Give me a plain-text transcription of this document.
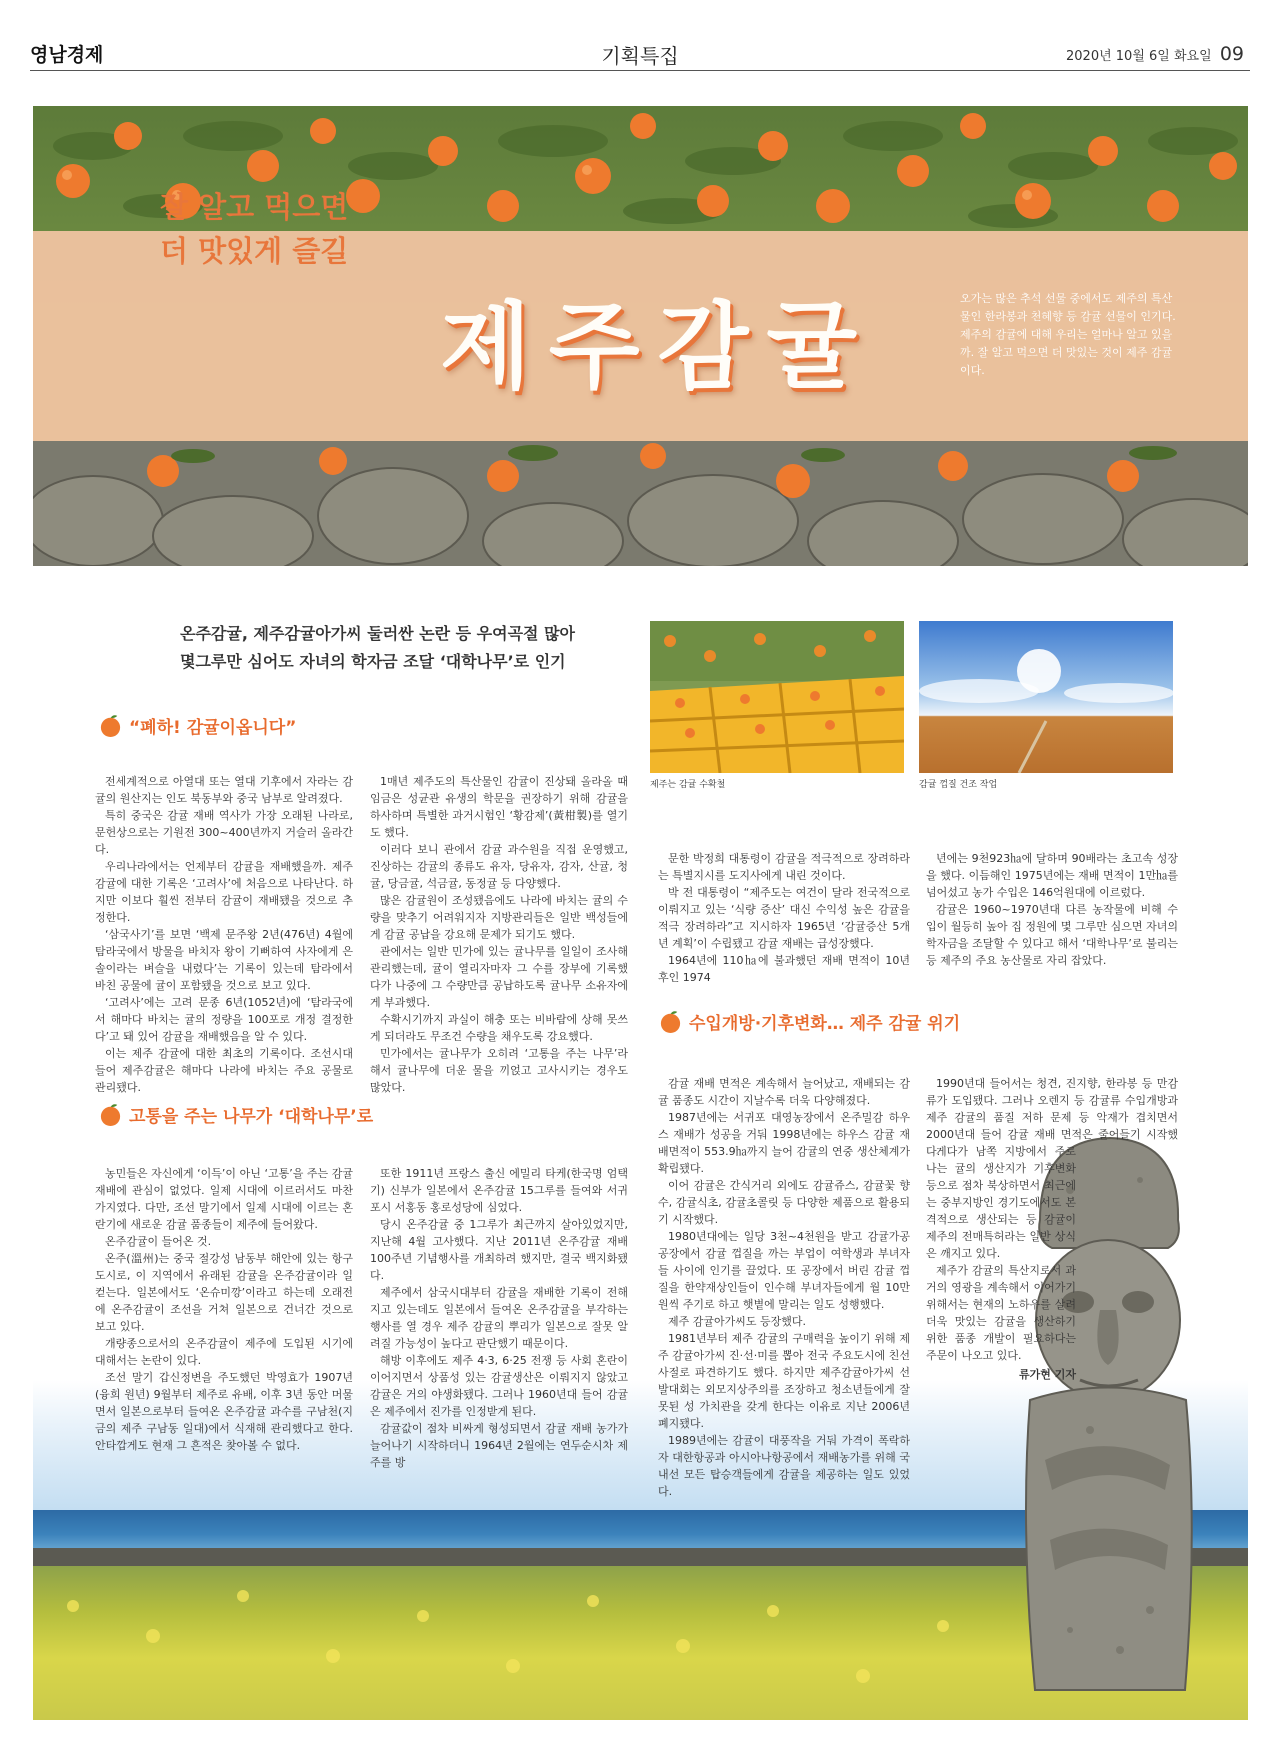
영남경제	기획특집	2020년 10월 6일 화요일 09
잘 알고 먹으면
더 맛있게 즐길
제주감귤	오가는 많은 추석 선물 중에서도 제주의 특산물인 한라봉과 천혜향 등 감귤 선물이 인기다. 제주의 감귤에 대해 우리는 얼마나 알고 있을까. 잘 알고 먹으면 더 맛있는 것이 제주 감귤이다.
온주감귤, 제주감귤아가씨 둘러싼 논란 등 우여곡절 많아
몇그루만 심어도 자녀의 학자금 조달 ‘대학나무’로 인기
제주는 감귤 수확철	감귤 껍질 건조 작업
“폐하! 감귤이옵니다”
고통을 주는 나무가 ‘대학나무’로
수입개방·기후변화… 제주 감귤 위기

전세계적으로 아열대 또는 열대 기후에서 자라는 감귤의 원산지는 인도 북동부와 중국 남부로 알려졌다.

특히 중국은 감귤 재배 역사가 가장 오래된 나라로, 문헌상으로는 기원전 300~400년까지 거슬러 올라간다.

우리나라에서는 언제부터 감귤을 재배했을까. 제주 감귤에 대한 기록은 ‘고려사’에 처음으로 나타난다. 하지만 이보다 훨씬 전부터 감귤이 재배됐을 것으로 추정한다.

‘삼국사기’를 보면 ‘백제 문주왕 2년(476년) 4월에 탐라국에서 방물을 바치자 왕이 기뻐하여 사자에게 은솔이라는 벼슬을 내렸다’는 기록이 있는데 탐라에서 바친 공물에 귤이 포함됐을 것으로 보고 있다.

‘고려사’에는 고려 문종 6년(1052년)에 ‘탐라국에서 해마다 바치는 귤의 정량을 100포로 개정 결정한다’고 돼 있어 감귤을 재배했음을 알 수 있다.

이는 제주 감귤에 대한 최초의 기록이다. 조선시대 들어 제주감귤은 해마다 나라에 바치는 주요 공물로 관리됐다.

1매년 제주도의 특산물인 감귤이 진상돼 올라올 때 임금은 성균관 유생의 학문을 권장하기 위해 감귤을 하사하며 특별한 과거시험인 ‘황감제’(黃柑製)를 열기도 했다.

이러다 보니 관에서 감귤 과수원을 직접 운영했고, 진상하는 감귤의 종류도 유자, 당유자, 감자, 산귤, 청귤, 당금귤, 석금귤, 동정귤 등 다양했다.

많은 감귤원이 조성됐음에도 나라에 바치는 귤의 수량을 맞추기 어려워지자 지방관리들은 일반 백성들에게 감귤 공납을 강요해 문제가 되기도 했다.

관에서는 일반 민가에 있는 귤나무를 일일이 조사해 관리했는데, 귤이 열리자마자 그 수를 장부에 기록했다가 나중에 그 수량만큼 공납하도록 귤나무 소유자에게 부과했다.

수확시기까지 과실이 해충 또는 비바람에 상해 못쓰게 되더라도 무조건 수량을 채우도록 강요했다.

민가에서는 귤나무가 오히려 ‘고통을 주는 나무’라 해서 귤나무에 더운 물을 끼얹고 고사시키는 경우도 많았다.

농민들은 자신에게 ‘이득’이 아닌 ‘고통’을 주는 감귤 재배에 관심이 없었다. 일제 시대에 이르러서도 마찬가지였다. 다만, 조선 말기에서 일제 시대에 이르는 혼란기에 새로운 감귤 품종들이 제주에 들어왔다.

온주감귤이 들어온 것.

온주(溫州)는 중국 절강성 남동부 해안에 있는 항구도시로, 이 지역에서 유래된 감귤을 온주감귤이라 일컫는다. 일본에서도 ‘온슈미깡’이라고 하는데 오래전에 온주감귤이 조선을 거쳐 일본으로 건너간 것으로 보고 있다.

개량종으로서의 온주감귤이 제주에 도입된 시기에 대해서는 논란이 있다.

조선 말기 갑신정변을 주도했던 박영효가 1907년(융희 원년) 9월부터 제주로 유배, 이후 3년 동안 머물면서 일본으로부터 들여온 온주감귤 과수를 구남천(지금의 제주 구남동 일대)에서 식재해 관리했다고 한다. 안타깝게도 현재 그 흔적은 찾아볼 수 없다.

또한 1911년 프랑스 출신 에밀리 타케(한국명 엄택기) 신부가 일본에서 온주감귤 15그루를 들여와 서귀포시 서홍동 홍로성당에 심었다.

당시 온주감귤 중 1그루가 최근까지 살아있었지만, 지난해 4월 고사했다. 지난 2011년 온주감귤 재배 100주년 기념행사를 개최하려 했지만, 결국 백지화됐다.

제주에서 삼국시대부터 감귤을 재배한 기록이 전해지고 있는데도 일본에서 들여온 온주감귤을 부각하는 행사를 열 경우 제주 감귤의 뿌리가 일본으로 잘못 알려질 가능성이 높다고 판단했기 때문이다.

해방 이후에도 제주 4·3, 6·25 전쟁 등 사회 혼란이 이어지면서 상품성 있는 감귤생산은 이뤄지지 않았고 감귤은 거의 야생화됐다. 그러나 1960년대 들어 감귤은 제주에서 진가를 인정받게 된다.

감귤값이 점차 비싸게 형성되면서 감귤 재배 농가가 늘어나기 시작하더니 1964년 2월에는 연두순시차 제주를 방

문한 박정희 대통령이 감귤을 적극적으로 장려하라는 특별지시를 도지사에게 내린 것이다.

박 전 대통령이 “제주도는 여건이 달라 전국적으로 이뤄지고 있는 ‘식량 증산’ 대신 수익성 높은 감귤을 적극 장려하라”고 지시하자 1965년 ‘감귤증산 5개년 계획’이 수립됐고 감귤 재배는 급성장했다.

1964년에 110㏊에 불과했던 재배 면적이 10년 후인 1974

년에는 9천923㏊에 달하며 90배라는 초고속 성장을 했다. 이듬해인 1975년에는 재배 면적이 1만㏊를 넘어섰고 농가 수입은 146억원대에 이르렀다.

감귤은 1960~1970년대 다른 농작물에 비해 수입이 월등히 높아 집 정원에 몇 그루만 심으면 자녀의 학자금을 조달할 수 있다고 해서 ‘대학나무’로 불리는 등 제주의 주요 농산물로 자리 잡았다.

감귤 재배 면적은 계속해서 늘어났고, 재배되는 감귤 품종도 시간이 지날수록 더욱 다양해졌다.

1987년에는 서귀포 대영농장에서 온주밀감 하우스 재배가 성공을 거둬 1998년에는 하우스 감귤 재배면적이 553.9㏊까지 늘어 감귤의 연중 생산체계가 확립됐다.

이어 감귤은 간식거리 외에도 감귤쥬스, 감귤꽃 향수, 감귤식초, 감귤초콜릿 등 다양한 제품으로 활용되기 시작했다.

1980년대에는 일당 3천~4천원을 받고 감귤가공공장에서 감귤 껍질을 까는 부업이 여학생과 부녀자들 사이에 인기를 끌었다. 또 공장에서 버린 감귤 껍질을 한약재상인들이 인수해 부녀자들에게 월 10만원씩 주기로 하고 햇볕에 말리는 일도 성행했다.

제주 감귤아가씨도 등장했다.

1981년부터 제주 감귤의 구매력을 높이기 위해 제주 감귤아가씨 진·선·미를 뽑아 전국 주요도시에 친선 사절로 파견하기도 했다. 하지만 제주감귤아가씨 선발대회는 외모지상주의를 조장하고 청소년들에게 잘못된 성 가치관을 갖게 한다는 이유로 지난 2006년 폐지됐다.

1989년에는 감귤이 대풍작을 거둬 가격이 폭락하자 대한항공과 아시아나항공에서 재배농가를 위해 국내선 모든 탑승객들에게 감귤을 제공하는 일도 있었다.

1990년대 들어서는 청견, 진지향, 한라봉 등 만감류가 도입됐다. 그러나 오렌지 등 감귤류 수입개방과 제주 감귤의 품질 저하 문제 등 악재가 겹치면서 2000년대 들어 감귤 재배 면적은 줄어들기 시작했다.

게다가 남쪽 지방에서 주로 나는 귤의 생산지가 기후변화 등으로 점차 북상하면서 최근에는 중부지방인 경기도에서도 본격적으로 생산되는 등 감귤이 제주의 전매특허라는 일반 상식은 깨지고 있다.

제주가 감귤의 특산지로서 과거의 영광을 계속해서 이어가기 위해서는 현재의 노하우를 살려 더욱 맛있는 감귤을 생산하기 위한 품종 개발이 필요하다는 주문이 나오고 있다.

류가현 기자
